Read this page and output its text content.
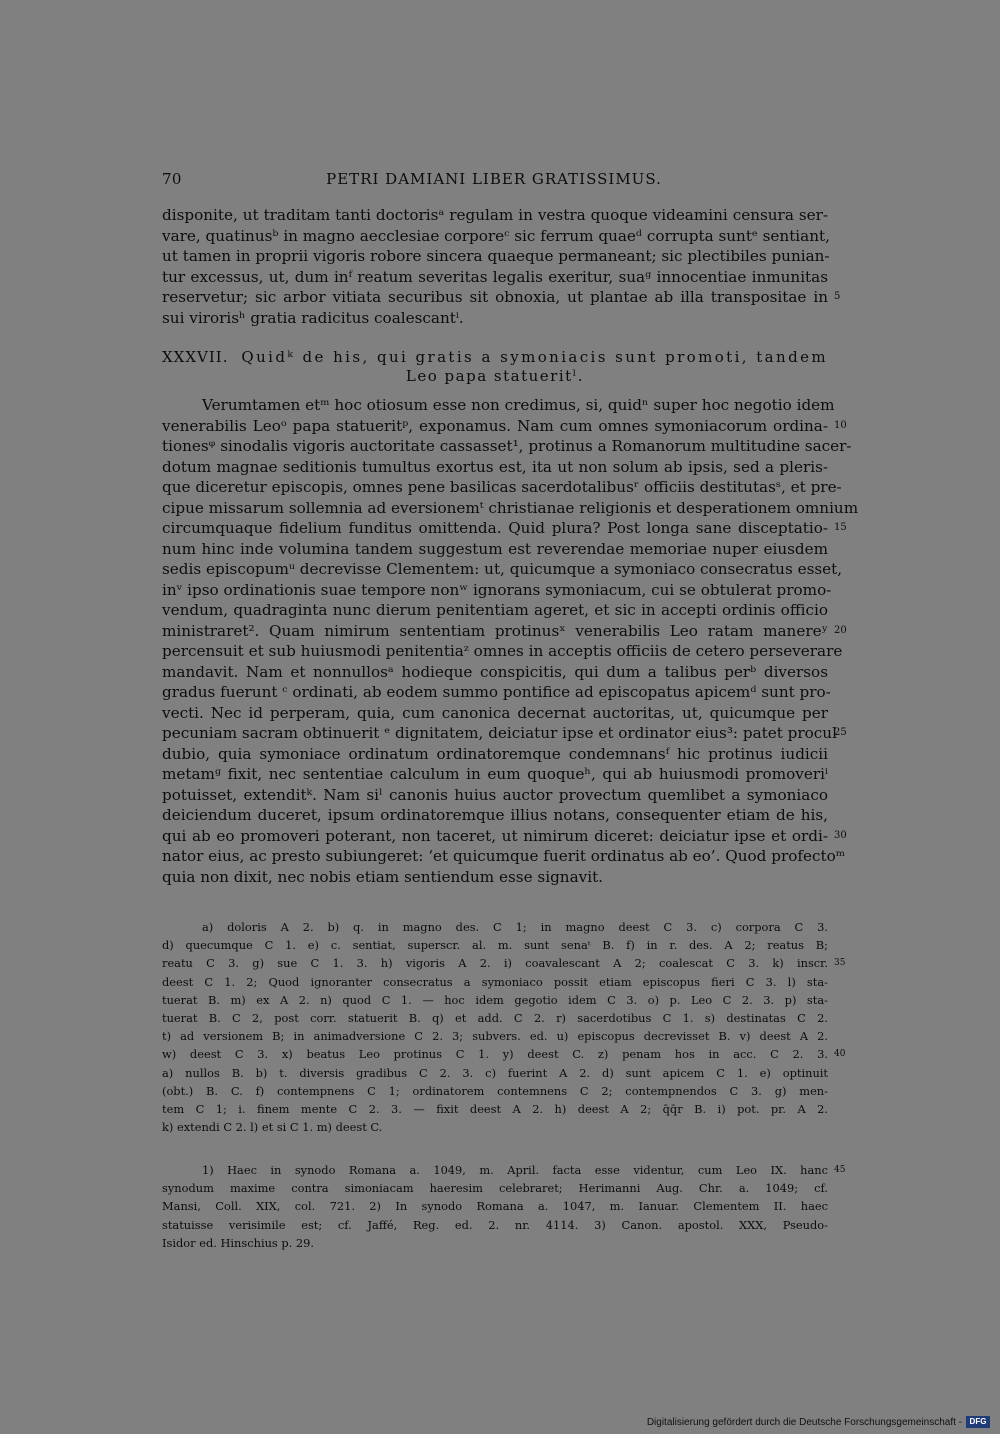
70	PETRI DAMIANI LIBER GRATISSIMUS.
disponite, ut traditam tanti doctorisᵃ regulam in vestra quoque videamini censura ser-
vare, quatinusᵇ in magno aecclesiae corporeᶜ sic ferrum quaeᵈ corrupta suntᵉ sentiant,
ut tamen in proprii vigoris robore sincera quaeque permaneant; sic plectibiles punian-
tur excessus, ut, dum inᶠ reatum severitas legalis exeritur, suaᵍ innocentiae inmunitas
reservetur; sic arbor vitiata securibus sit obnoxia, ut plantae ab illa transpositae in 5
sui virorisʰ gratia radicitus coalescantⁱ.
XXXVII. Quidᵏ de his, qui gratis a symoniacis sunt promoti, tandem
Leo papa statueritˡ.
Verumtamen etᵐ hoc otiosum esse non credimus, si, quidⁿ super hoc negotio idem
venerabilis Leoᵒ papa statueritᵖ, exponamus. Nam cum omnes symoniacorum ordina- 10
tionesᵠ sinodalis vigoris auctoritate cassasset¹, protinus a Romanorum multitudine sacer-
dotum magnae seditionis tumultus exortus est, ita ut non solum ab ipsis, sed a pleris-
que diceretur episcopis, omnes pene basilicas sacerdotalibusʳ officiis destitutasˢ, et pre-
cipue missarum sollemnia ad eversionemᵗ christianae religionis et desperationem omnium
circumquaque fidelium funditus omittenda. Quid plura? Post longa sane disceptatio- 15
num hinc inde volumina tandem suggestum est reverendae memoriae nuper eiusdem
sedis episcopumᵘ decrevisse Clementem: ut, quicumque a symoniaco consecratus esset,
inᵛ ipso ordinationis suae tempore nonʷ ignorans symoniacum, cui se obtulerat promo-
vendum, quadraginta nunc dierum penitentiam ageret, et sic in accepti ordinis officio
ministraret². Quam nimirum sententiam protinusˣ venerabilis Leo ratam manereʸ 20
percensuit et sub huiusmodi penitentiaᶻ omnes in acceptis officiis de cetero perseverare
mandavit. Nam et nonnullosᵃ hodieque conspicitis, qui dum a talibus perᵇ diversos
gradus fuerunt ᶜ ordinati, ab eodem summo pontifice ad episcopatus apicemᵈ sunt pro-
vecti. Nec id perperam, quia, cum canonica decernat auctoritas, ut, quicumque per
pecuniam sacram obtinuerit ᵉ dignitatem, deiciatur ipse et ordinator eius³: patet procul
25
dubio, quia symoniace ordinatum ordinatoremque condemnansᶠ hic protinus iudicii
metamᵍ fixit, nec sententiae calculum in eum quoqueʰ, qui ab huiusmodi promoveriⁱ
potuisset, extenditᵏ. Nam siˡ canonis huius auctor provectum quemlibet a symoniaco
deiciendum duceret, ipsum ordinatoremque illius notans, consequenter etiam de his,
qui ab eo promoveri poterant, non taceret, ut nimirum diceret: deiciatur ipse et ordi- 30
nator eius, ac presto subiungeret: ‘et quicumque fuerit ordinatus ab eo’. Quod profectoᵐ
quia non dixit, nec nobis etiam sentiendum esse signavit.
a) doloris A 2. b) q. in magno des. C 1; in magno deest C 3. c) corpora C 3.
d) quecumque C 1. e) c. sentiat, superscr. al. m. sunt senaᵗ B. f) in r. des. A 2; reatus B;
reatu C 3. g) sue C 1. 3. h) vigoris A 2. i) coavalescant A 2; coalescat C 3. k) inscr. 35
deest C 1. 2; Quod ignoranter consecratus a symoniaco possit etiam episcopus fieri C 3. l) sta-
tuerat B. m) ex A 2. n) quod C 1. — hoc idem gegotio idem C 3. o) p. Leo C 2. 3. p) sta-
tuerat B. C 2, post corr. statuerit B. q) et add. C 2. r) sacerdotibus C 1. s) destinatas C 2.
t) ad versionem B; in animadversione C 2. 3; subvers. ed. u) episcopus decrevisset B. v) deest A 2.
w) deest C 3. x) beatus Leo protinus C 1. y) deest C. z) penam hos in acc. C 2. 3. 40
a) nullos B. b) t. diversis gradibus C 2. 3. c) fuerint A 2. d) sunt apicem C 1. e) optinuit
(obt.) B. C. f) contempnens C 1; ordinatorem contemnens C 2; contempnendos C 3. g) men-
tem C 1; i. finem mente C 2. 3. — fixit deest A 2. h) deest A 2; q̄q̄r B. i) pot. pr. A 2.
k) extendi C 2. l) et si C 1. m) deest C.
1) Haec in synodo Romana a. 1049, m. April. facta esse videntur, cum Leo IX. hanc 45
synodum maxime contra simoniacam haeresim celebraret; Herimanni Aug. Chr. a. 1049; cf.
Mansi, Coll. XIX, col. 721. 2) In synodo Romana a. 1047, m. Ianuar. Clementem II. haec
statuisse verisimile est; cf. Jaffé, Reg. ed. 2. nr. 4114. 3) Canon. apostol. XXX, Pseudo-
Isidor ed. Hinschius p. 29.
Digitalisierung gefördert durch die Deutsche Forschungsgemeinschaft - DFG
